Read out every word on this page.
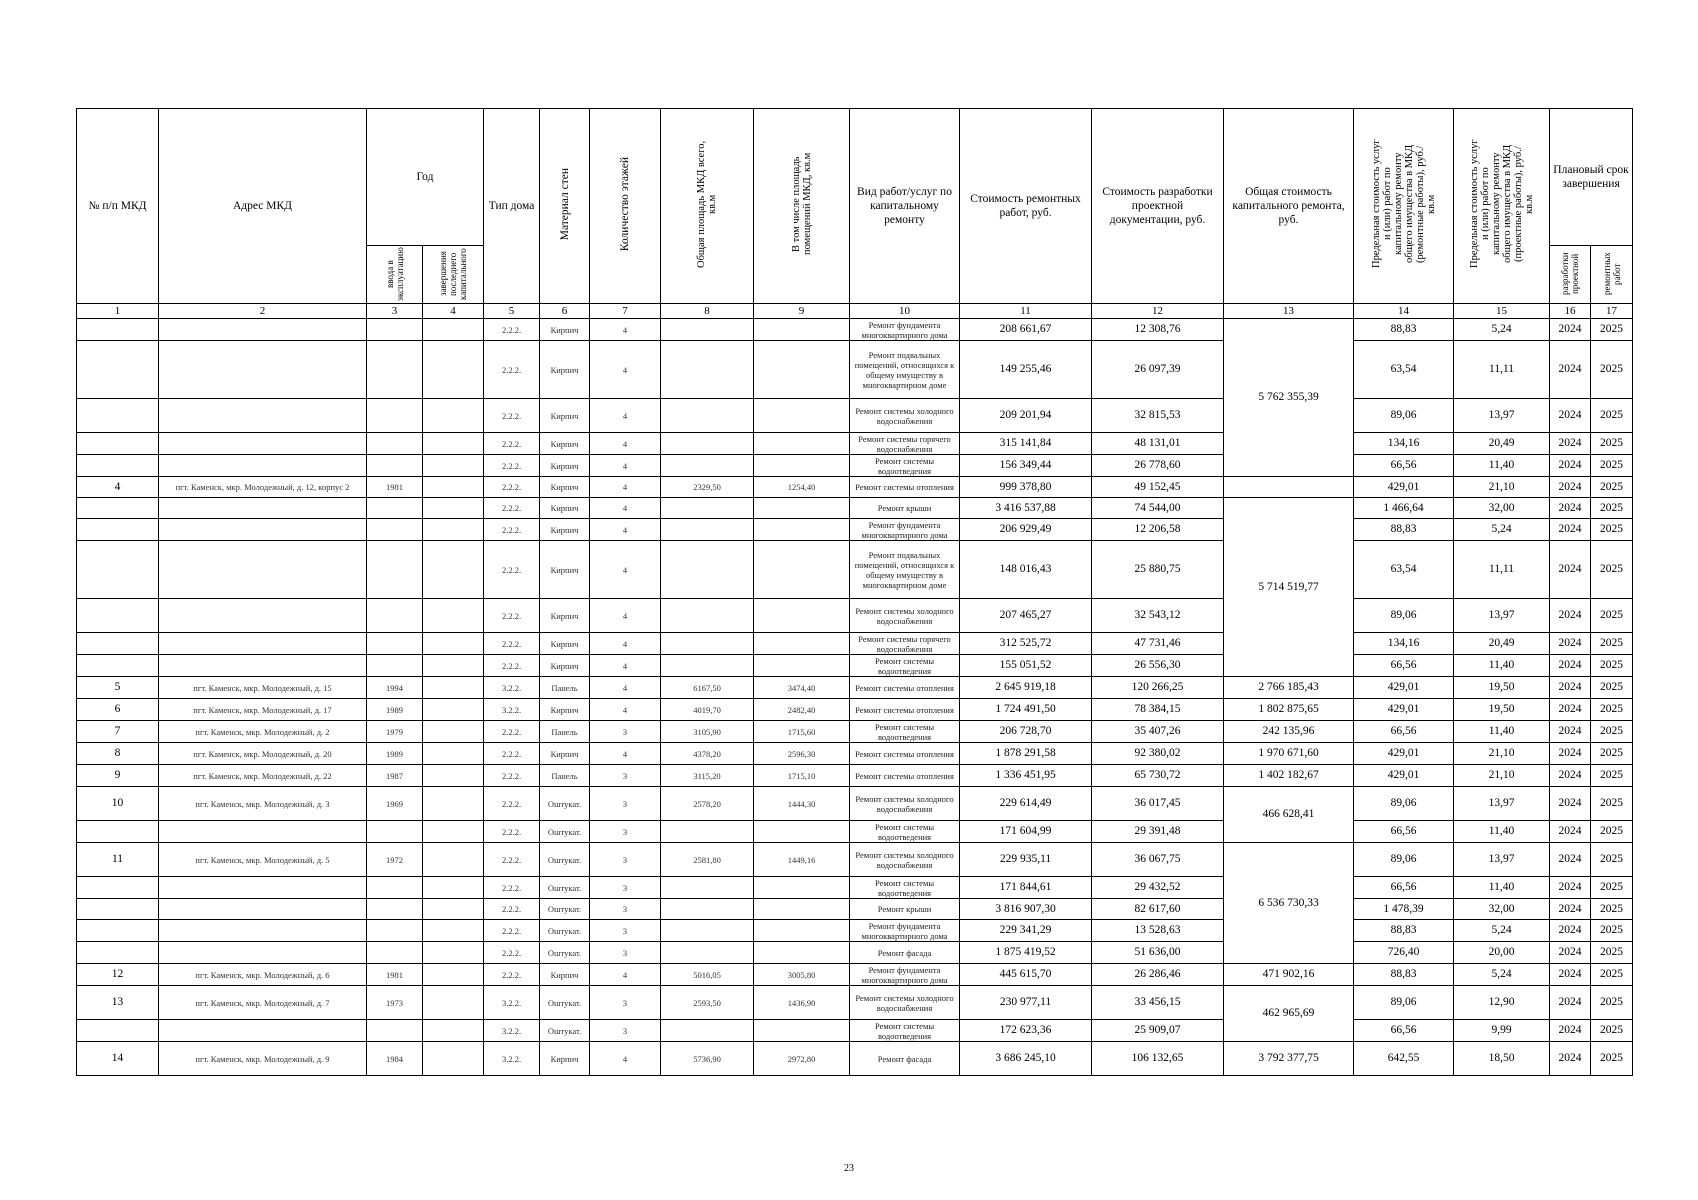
№ п/п МКД	Адрес МКД	Год		Тип дома	Материал стен	Количество этажей	Общая площадь МКД всего, кв.м	В том числе площадь помещений МКД, кв.м	Вид работ/услуг по капитальному ремонту	Стоимость ремонтных работ, руб.	Стоимость разработки проектной документации, руб.	Общая стоимость капитального ремонта, руб.	Предельная стоимость услуг и (или) работ по капитальному ремонту общего имущества в МКД (ремонтные работы), руб./кв.м	Предельная стоимость услуг и (или) работ по капитальному ремонту общего имущества в МКД (проектные работы), руб./кв.м	Плановый срок завершения	
		ввода в эксплуатацию	завершения последнего капитального												разработки проектной	ремонтных работ
1	2	3	4	5	6	7	8	9	10	11	12	13	14	15	16	17
				2.2.2.	Кирпич	4			Ремонт фундамента многоквартирного дома	208 661,67	12 308,76	5 762 355,39	88,83	5,24	2024	2025
				2.2.2.	Кирпич	4			Ремонт подвальных помещений, относящихся к общему имуществу в многоквартирном доме	149 255,46	26 097,39		63,54	11,11	2024	2025
				2.2.2.	Кирпич	4			Ремонт системы холодного водоснабжения	209 201,94	32 815,53		89,06	13,97	2024	2025
				2.2.2.	Кирпич	4			Ремонт системы горячего водоснабжения	315 141,84	48 131,01		134,16	20,49	2024	2025
				2.2.2.	Кирпич	4			Ремонт системы водоотведения	156 349,44	26 778,60		66,56	11,40	2024	2025
4	пгт. Каменск, мкр. Молодежный, д. 12, корпус 2	1981		2.2.2.	Кирпич	4	2329,50	1254,40	Ремонт системы отопления	999 378,80	49 152,45		429,01	21,10	2024	2025
				2.2.2.	Кирпич	4			Ремонт крыши	3 416 537,88	74 544,00	5 714 519,77	1 466,64	32,00	2024	2025
				2.2.2.	Кирпич	4			Ремонт фундамента многоквартирного дома	206 929,49	12 206,58		88,83	5,24	2024	2025
				2.2.2.	Кирпич	4			Ремонт подвальных помещений, относящихся к общему имуществу в многоквартирном доме	148 016,43	25 880,75		63,54	11,11	2024	2025
				2.2.2.	Кирпич	4			Ремонт системы холодного водоснабжения	207 465,27	32 543,12		89,06	13,97	2024	2025
				2.2.2.	Кирпич	4			Ремонт системы горячего водоснабжения	312 525,72	47 731,46		134,16	20,49	2024	2025
				2.2.2.	Кирпич	4			Ремонт системы водоотведения	155 051,52	26 556,30		66,56	11,40	2024	2025
5	пгт. Каменск, мкр. Молодежный, д. 15	1994		3.2.2.	Панель	4	6167,50	3474,40	Ремонт системы отопления	2 645 919,18	120 266,25	2 766 185,43	429,01	19,50	2024	2025
6	пгт. Каменск, мкр. Молодежный, д. 17	1989		3.2.2.	Кирпич	4	4019,70	2482,40	Ремонт системы отопления	1 724 491,50	78 384,15	1 802 875,65	429,01	19,50	2024	2025
7	пгт. Каменск, мкр. Молодежный, д. 2	1979		2.2.2.	Панель	3	3105,90	1715,60	Ремонт системы водоотведения	206 728,70	35 407,26	242 135,96	66,56	11,40	2024	2025
8	пгт. Каменск, мкр. Молодежный, д. 20	1989		2.2.2.	Кирпич	4	4378,20	2596,30	Ремонт системы отопления	1 878 291,58	92 380,02	1 970 671,60	429,01	21,10	2024	2025
9	пгт. Каменск, мкр. Молодежный, д. 22	1987		2.2.2.	Панель	3	3115,20	1715,10	Ремонт системы отопления	1 336 451,95	65 730,72	1 402 182,67	429,01	21,10	2024	2025
10	пгт. Каменск, мкр. Молодежный, д. 3	1969		2.2.2.	Оштукат.	3	2578,20	1444,30	Ремонт системы холодного водоснабжения	229 614,49	36 017,45	466 628,41	89,06	13,97	2024	2025
				2.2.2.	Оштукат.	3			Ремонт системы водоотведения	171 604,99	29 391,48		66,56	11,40	2024	2025
11	пгт. Каменск, мкр. Молодежный, д. 5	1972		2.2.2.	Оштукат.	3	2581,80	1449,16	Ремонт системы холодного водоснабжения	229 935,11	36 067,75	6 536 730,33	89,06	13,97	2024	2025
				2.2.2.	Оштукат.	3			Ремонт системы водоотведения	171 844,61	29 432,52		66,56	11,40	2024	2025
				2.2.2.	Оштукат.	3			Ремонт крыши	3 816 907,30	82 617,60		1 478,39	32,00	2024	2025
				2.2.2.	Оштукат.	3			Ремонт фундамента многоквартирного дома	229 341,29	13 528,63		88,83	5,24	2024	2025
				2.2.2.	Оштукат.	3			Ремонт фасада	1 875 419,52	51 636,00		726,40	20,00	2024	2025
12	пгт. Каменск, мкр. Молодежный, д. 6	1981		2.2.2.	Кирпич	4	5016,05	3005,80	Ремонт фундамента многоквартирного дома	445 615,70	26 286,46	471 902,16	88,83	5,24	2024	2025
13	пгт. Каменск, мкр. Молодежный, д. 7	1973		3.2.2.	Оштукат.	3	2593,50	1436,90	Ремонт системы холодного водоснабжения	230 977,11	33 456,15	462 965,69	89,06	12,90	2024	2025
				3.2.2.	Оштукат.	3			Ремонт системы водоотведения	172 623,36	25 909,07		66,56	9,99	2024	2025
14	пгт. Каменск, мкр. Молодежный, д. 9	1984		3.2.2.	Кирпич	4	5736,90	2972,80	Ремонт фасада	3 686 245,10	106 132,65	3 792 377,75	642,55	18,50	2024	2025
23
